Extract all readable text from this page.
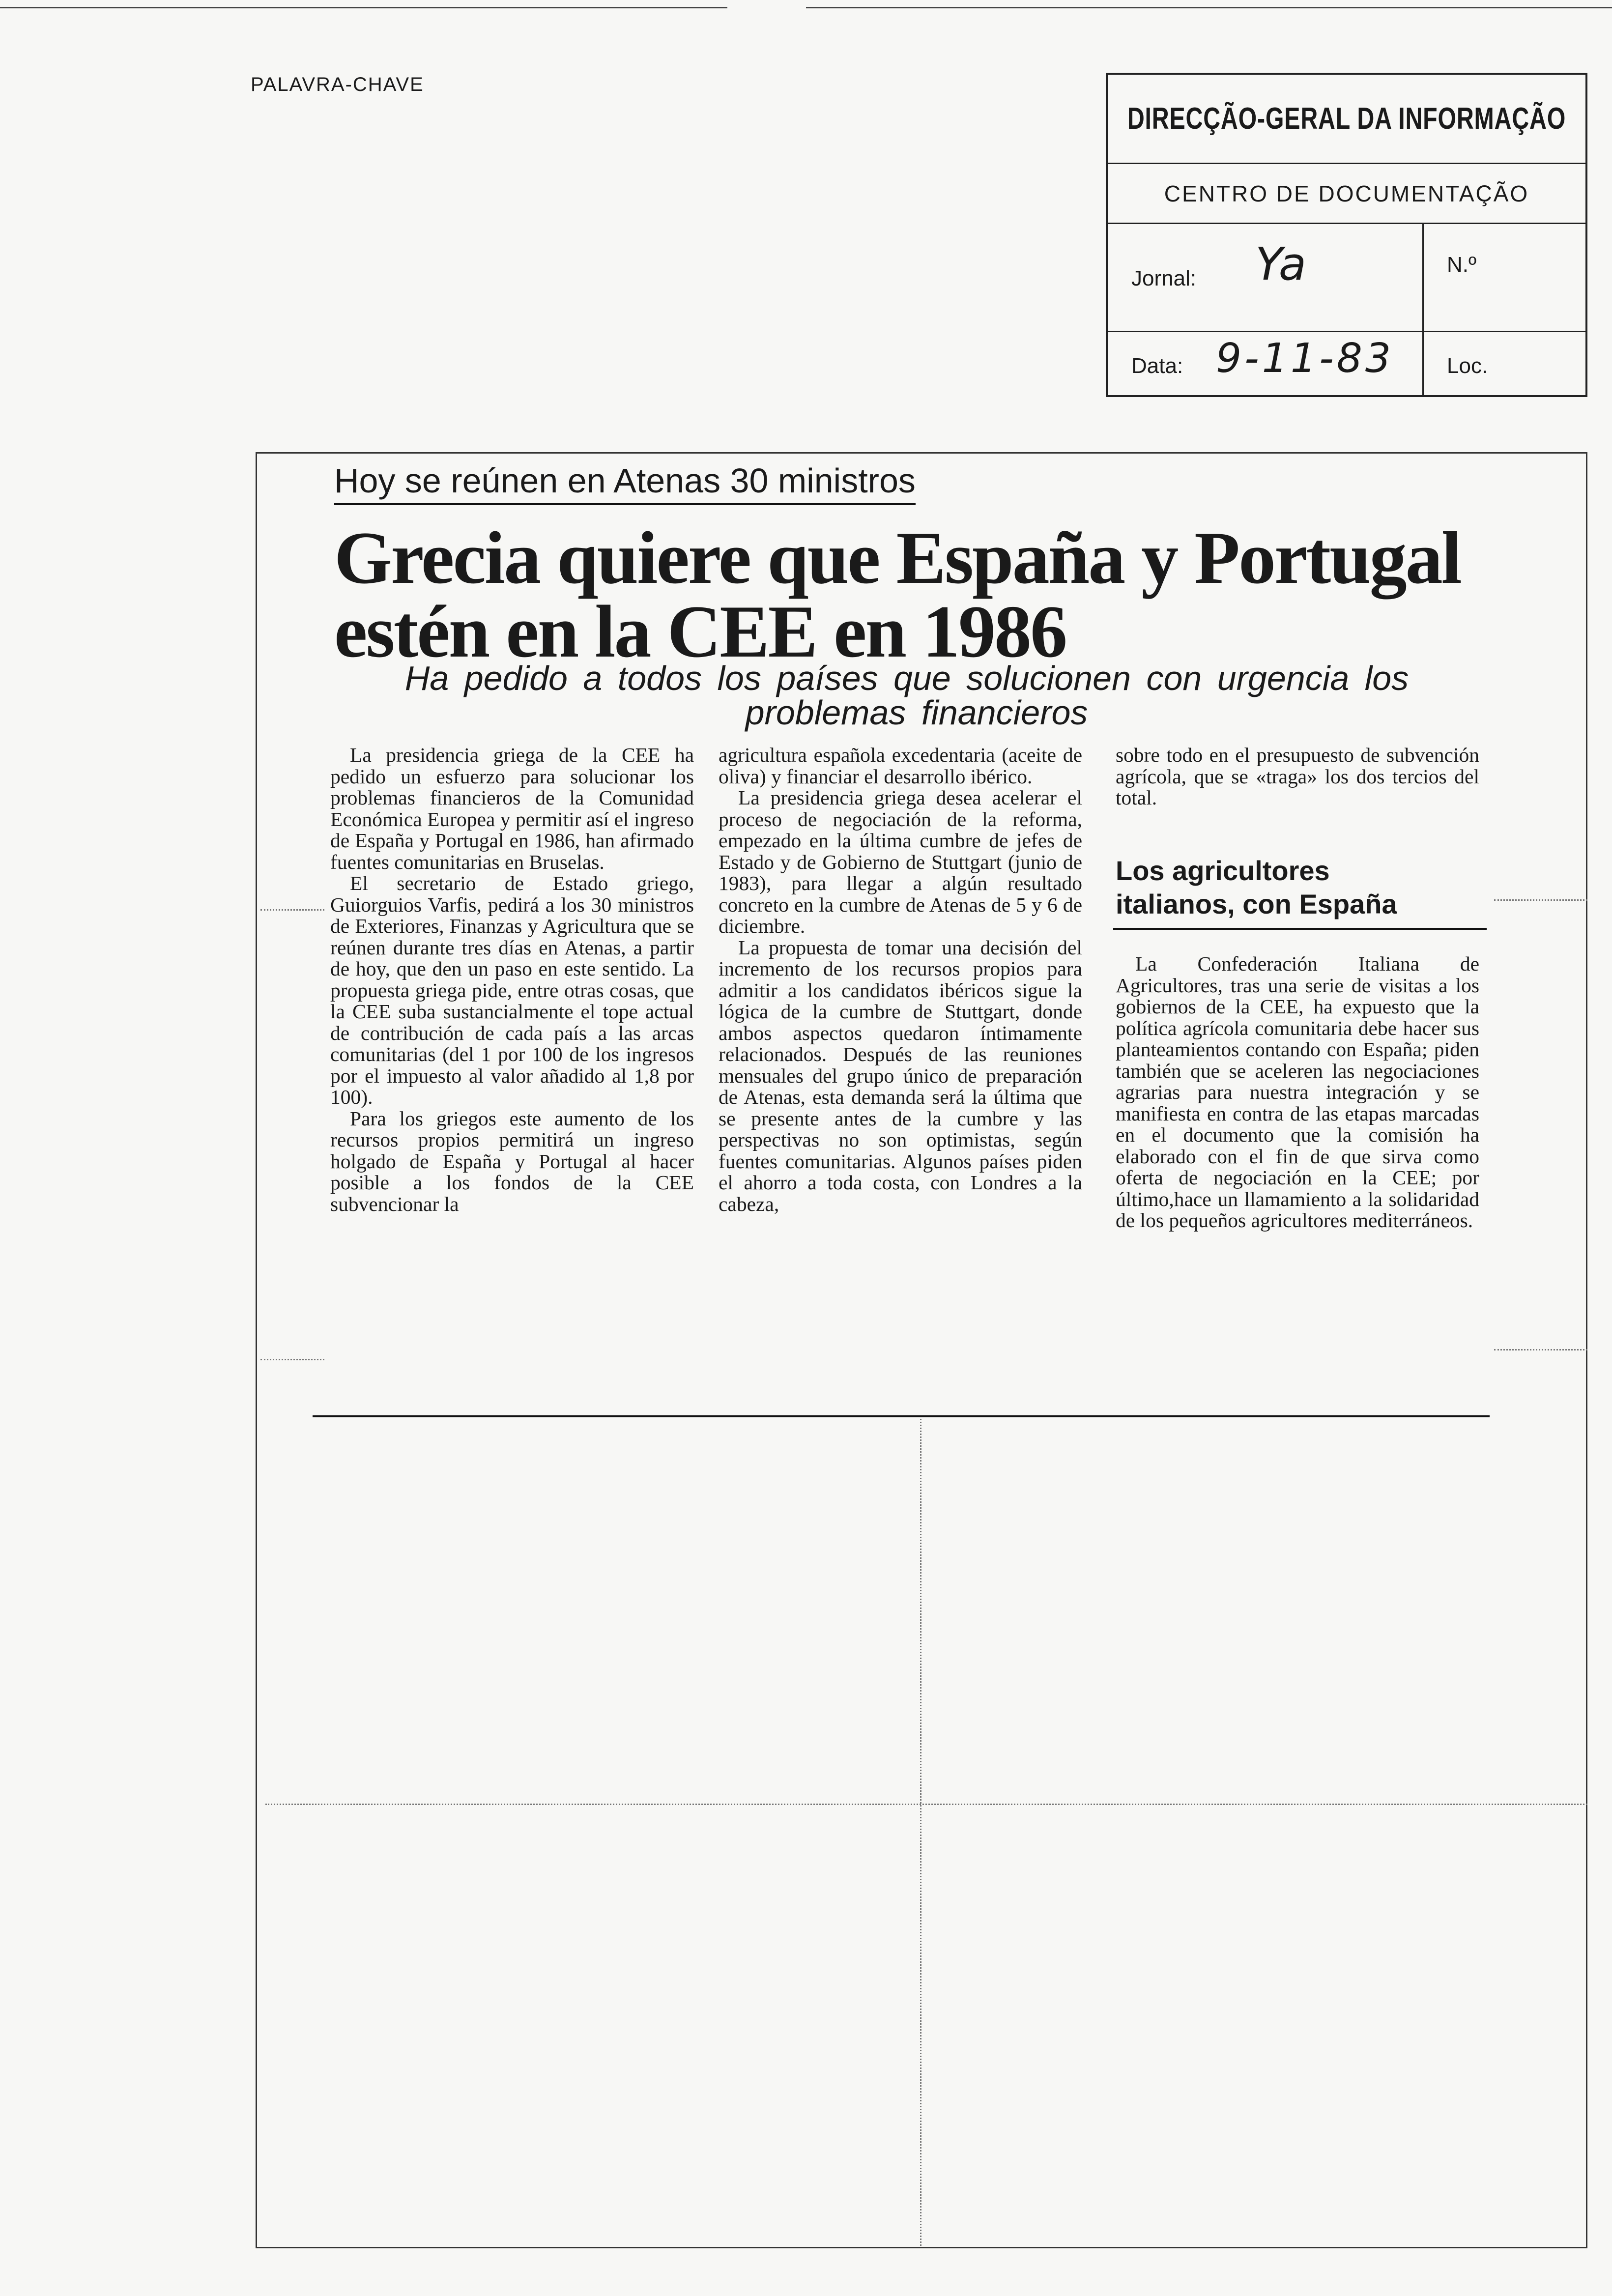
PALAVRA-CHAVE
DIRECÇÃO-GERAL DA INFORMAÇÃO
CENTRO DE DOCUMENTAÇÃO
Jornal: Ya	N.º
Data: 9-11-83 Loc.
Hoy se reúnen en Atenas 30 ministros
Grecia quiere que España y Portugal
estén en la CEE en 1986
Ha pedido a todos los países que solucionen con urgencia los
problemas financieros

La presidencia griega de la CEE ha pedido un esfuerzo para solucionar los problemas financieros de la Comunidad Económica Europea y permitir así el ingreso de España y Portugal en 1986, han afirmado fuentes comunitarias en Bruselas.

El secretario de Estado griego, Guiorguios Varfis, pedirá a los 30 ministros de Exteriores, Finanzas y Agricultura que se reúnen durante tres días en Atenas, a partir de hoy, que den un paso en este sentido. La propuesta griega pide, entre otras cosas, que la CEE suba sustancialmente el tope actual de contribución de cada país a las arcas comunitarias (del 1 por 100 de los ingresos por el impuesto al valor añadido al 1,8 por 100).

Para los griegos este aumento de los recursos propios permitirá un ingreso holgado de España y Portugal al hacer posible a los fondos de la CEE subvencionar la

agricultura española excedentaria (aceite de oliva) y financiar el desarrollo ibérico.

La presidencia griega desea acelerar el proceso de negociación de la reforma, empezado en la última cumbre de jefes de Estado y de Gobierno de Stuttgart (junio de 1983), para llegar a algún resultado concreto en la cumbre de Atenas de 5 y 6 de diciembre.

La propuesta de tomar una decisión del incremento de los recursos propios para admitir a los candidatos ibéricos sigue la lógica de la cumbre de Stuttgart, donde ambos aspectos quedaron íntimamente relacionados. Después de las reuniones mensuales del grupo único de preparación de Atenas, esta demanda será la última que se presente antes de la cumbre y las perspectivas no son optimistas, según fuentes comunitarias. Algunos países piden el ahorro a toda costa, con Londres a la cabeza,

sobre todo en el presupuesto de subvención agrícola, que se «traga» los dos tercios del total.

Los agricultores
italianos, con España

La Confederación Italiana de Agricultores, tras una serie de visitas a los gobiernos de la CEE, ha expuesto que la política agrícola comunitaria debe hacer sus planteamientos contando con España; piden también que se aceleren las negociaciones agrarias para nuestra integración y se manifiesta en contra de las etapas marcadas en el documento que la comisión ha elaborado con el fin de que sirva como oferta de negociación en la CEE; por último,hace un llamamiento a la solidaridad de los pequeños agricultores mediterráneos.
